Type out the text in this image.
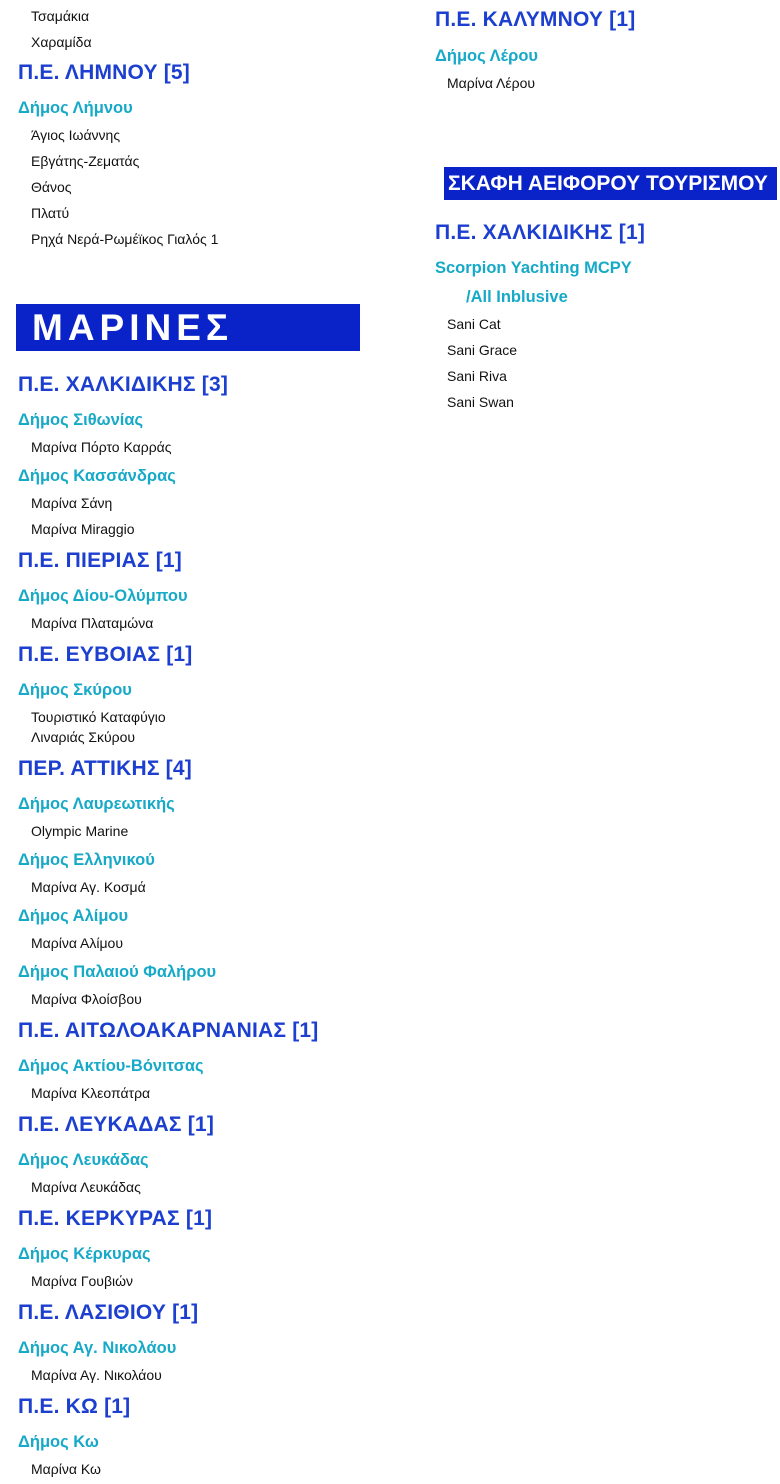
Τσαμάκια
Χαραμίδα
Π.Ε. ΛΗΜΝΟΥ [5]
Δήμος Λήμνου
Άγιος Ιωάννης
Εβγάτης-Ζεματάς
Θάνος
Πλατύ
Ρηχά Νερά-Ρωμέϊκος Γιαλός 1
ΜΑΡΙΝΕΣ
Π.Ε. ΧΑΛΚΙΔΙΚΗΣ [3]
Δήμος Σιθωνίας
Μαρίνα Πόρτο Καρράς
Δήμος Κασσάνδρας
Μαρίνα Σάνη
Μαρίνα Miraggio
Π.Ε. ΠΙΕΡΙΑΣ [1]
Δήμος Δίου-Ολύμπου
Μαρίνα Πλαταμώνα
Π.Ε. ΕΥΒΟΙΑΣ [1]
Δήμος Σκύρου
Τουριστικό Καταφύγιο
Λιναριάς Σκύρου
ΠΕΡ. ΑΤΤΙΚΗΣ [4]
Δήμος Λαυρεωτικής
Olympic Marine
Δήμος Ελληνικού
Μαρίνα Αγ. Κοσμά
Δήμος Αλίμου
Μαρίνα Αλίμου
Δήμος Παλαιού Φαλήρου
Μαρίνα Φλοίσβου
Π.Ε. ΑΙΤΩΛΟΑΚΑΡΝΑΝΙΑΣ [1]
Δήμος Ακτίου-Βόνιτσας
Μαρίνα Κλεοπάτρα
Π.Ε. ΛΕΥΚΑΔΑΣ [1]
Δήμος Λευκάδας
Μαρίνα Λευκάδας
Π.Ε. ΚΕΡΚΥΡΑΣ [1]
Δήμος Κέρκυρας
Μαρίνα Γουβιών
Π.Ε. ΛΑΣΙΘΙΟΥ [1]
Δήμος Αγ. Νικολάου
Μαρίνα Αγ. Νικολάου
Π.Ε. ΚΩ [1]
Δήμος Κω
Μαρίνα Κω
Π.Ε. ΚΑΛΥΜΝΟΥ [1]
Δήμος Λέρου
Μαρίνα Λέρου
ΣΚΑΦΗ ΑΕΙΦΟΡΟΥ ΤΟΥΡΙΣΜΟΥ
Π.Ε. ΧΑΛΚΙΔΙΚΗΣ [1]
Scorpion Yachting MCPY
/All Inblusive
Sani Cat
Sani Grace
Sani Riva
Sani Swan
